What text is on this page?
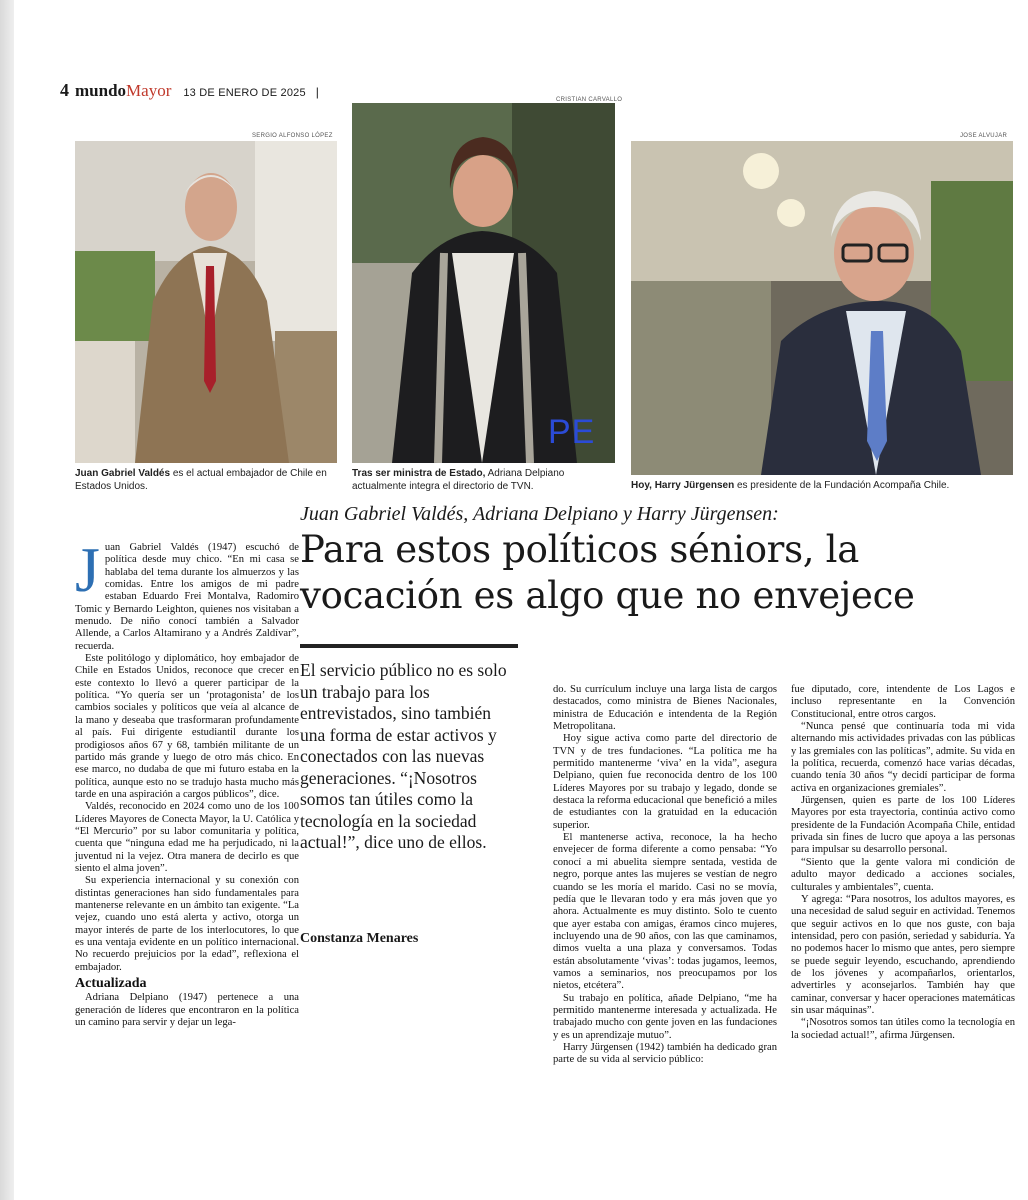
4 mundoMayor 13 DE ENERO DE 2025 |
SERGIO ALFONSO LÓPEZ
CRISTIAN CARVALLO
JOSE ALVUJAR
PE
Juan Gabriel Valdés es el actual embajador de Chile en Estados Unidos.
Tras ser ministra de Estado, Adriana Delpiano actualmente integra el directorio de TVN.	Hoy, Harry Jürgensen es presidente de la Fundación Acompaña Chile.
Juan Gabriel Valdés, Adriana Delpiano y Harry Jürgensen:
Para estos políticos séniors, la vocación es algo que no envejece
El servicio público no es solo un trabajo para los entrevistados, sino también una forma de estar activos y conectados con las nuevas generaciones. “¡Nosotros somos tan útiles como la tecnología en la sociedad actual!”, dice uno de ellos.
Constanza Menares

Juan Gabriel Valdés (1947) escuchó de política desde muy chico. “En mi casa se hablaba del tema durante los almuerzos y las comidas. Entre los amigos de mi padre estaban Eduardo Frei Montalva, Radomiro Tomic y Bernardo Leighton, quienes nos visitaban a menudo. De niño conocí también a Salvador Allende, a Carlos Altamirano y a Andrés Zaldívar”, recuerda.

Este politólogo y diplomático, hoy embajador de Chile en Estados Unidos, reconoce que crecer en este contexto lo llevó a querer participar de la política. “Yo quería ser un ‘protagonista’ de los cambios sociales y políticos que veía al alcance de la mano y deseaba que trasformaran profundamente al país. Fui dirigente estudiantil durante los prodigiosos años 67 y 68, también militante de un partido más grande y luego de otro más chico. En ese marco, no dudaba de que mi futuro estaba en la política, aunque esto no se tradujo hasta mucho más tarde en una aspiración a cargos públicos”, dice.

Valdés, reconocido en 2024 como uno de los 100 Líderes Mayores de Conecta Mayor, la U. Católica y “El Mercurio” por su labor comunitaria y política, cuenta que “ninguna edad me ha perjudicado, ni la juventud ni la vejez. Otra manera de decirlo es que siento el alma joven”.

Su experiencia internacional y su conexión con distintas generaciones han sido fundamentales para mantenerse relevante en un ámbito tan exigente. “La vejez, cuando uno está alerta y activo, otorga un mayor interés de parte de los interlocutores, lo que es una ventaja evidente en un político internacional. No recuerdo prejuicios por la edad”, reflexiona el embajador.

Actualizada

Adriana Delpiano (1947) pertenece a una generación de líderes que encontraron en la política un camino para servir y dejar un lega-

do. Su currículum incluye una larga lista de cargos destacados, como ministra de Bienes Nacionales, ministra de Educación e intendenta de la Región Metropolitana.

Hoy sigue activa como parte del directorio de TVN y de tres fundaciones. “La política me ha permitido mantenerme ‘viva’ en la vida”, asegura Delpiano, quien fue reconocida dentro de los 100 Líderes Mayores por su trabajo y legado, donde se destaca la reforma educacional que benefició a miles de estudiantes con la gratuidad en la educación superior.

El mantenerse activa, reconoce, la ha hecho envejecer de forma diferente a como pensaba: “Yo conocí a mi abuelita siempre sentada, vestida de negro, porque antes las mujeres se vestían de negro cuando se les moría el marido. Casi no se movía, pedía que le llevaran todo y era más joven que yo ahora. Actualmente es muy distinto. Solo te cuento que ayer estaba con amigas, éramos cinco mujeres, incluyendo una de 90 años, con las que caminamos, dimos vuelta a una plaza y conversamos. Todas están absolutamente ‘vivas’: todas jugamos, leemos, vamos a seminarios, nos preocupamos por los nietos, etcétera”.

Su trabajo en política, añade Delpiano, “me ha permitido mantenerme interesada y actualizada. He trabajado mucho con gente joven en las fundaciones y es un aprendizaje mutuo”.

Harry Jürgensen (1942) también ha dedicado gran parte de su vida al servicio público:

fue diputado, core, intendente de Los Lagos e incluso representante en la Convención Constitucional, entre otros cargos.

“Nunca pensé que continuaría toda mi vida alternando mis actividades privadas con las públicas y las gremiales con las políticas”, admite. Su vida en la política, recuerda, comenzó hace varias décadas, cuando tenía 30 años “y decidí participar de forma activa en organizaciones gremiales”.

Jürgensen, quien es parte de los 100 Líderes Mayores por esta trayectoria, continúa activo como presidente de la Fundación Acompaña Chile, entidad privada sin fines de lucro que apoya a las personas para impulsar su desarrollo personal.

“Siento que la gente valora mi condición de adulto mayor dedicado a acciones sociales, culturales y ambientales”, cuenta.

Y agrega: “Para nosotros, los adultos mayores, es una necesidad de salud seguir en actividad. Tenemos que seguir activos en lo que nos guste, con baja intensidad, pero con pasión, seriedad y sabiduría. Ya no podemos hacer lo mismo que antes, pero siempre se puede seguir leyendo, escuchando, aprendiendo de los jóvenes y acompañarlos, orientarlos, advertirles y aconsejarlos. También hay que caminar, conversar y hacer operaciones matemáticas sin usar máquinas”.

“¡Nosotros somos tan útiles como la tecnología en la sociedad actual!”, afirma Jürgensen.
